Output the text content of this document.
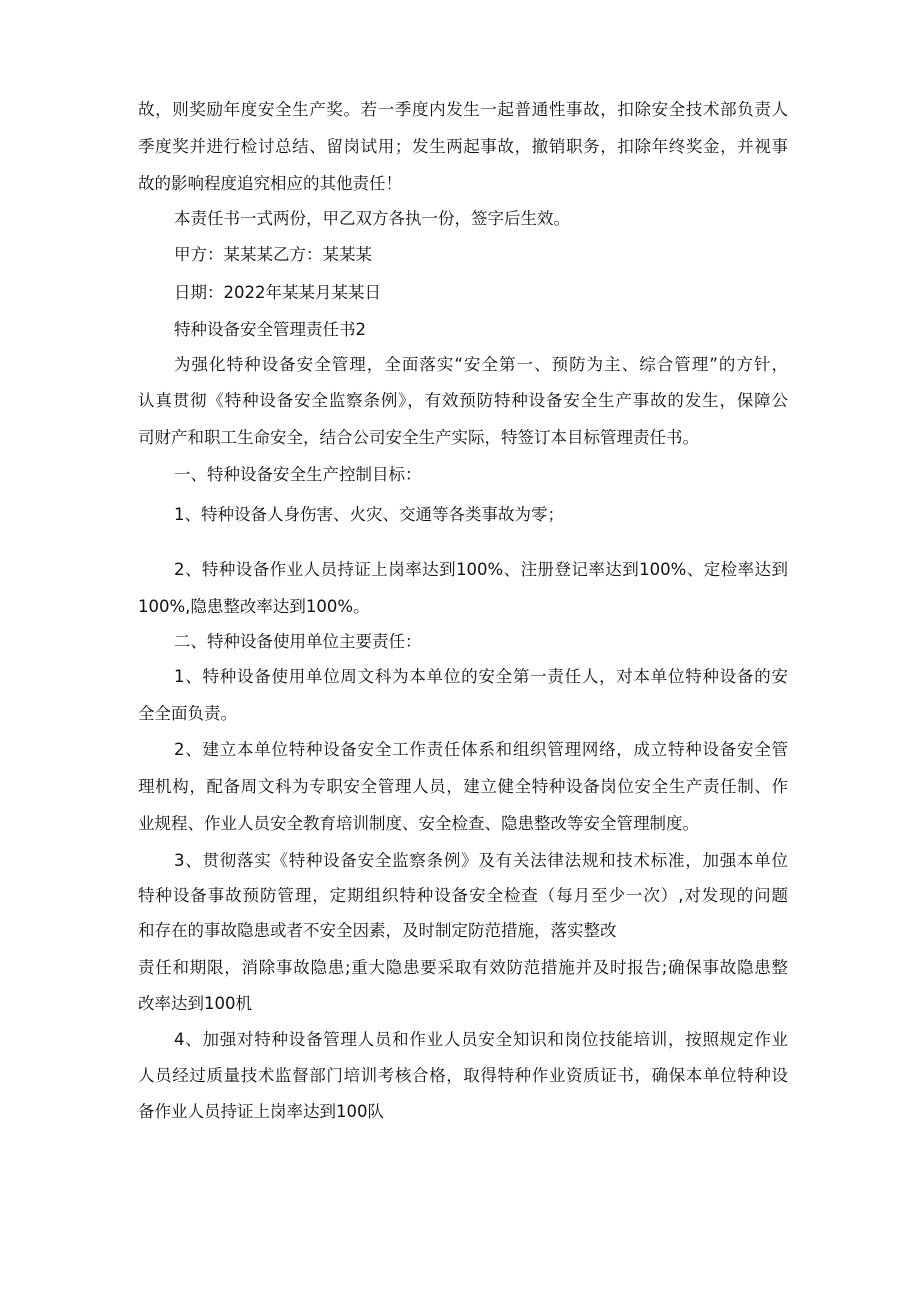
故，则奖励年度安全生产奖。若一季度内发生一起普通性事故，扣除安全技术部负责人
季度奖并进行检讨总结、留岗试用；发生两起事故，撤销职务，扣除年终奖金，并视事
故的影响程度追究相应的其他责任！
本责任书一式两份，甲乙双方各执一份，签字后生效。
甲方：某某某乙方：某某某
日期：2022年某某月某某日
特种设备安全管理责任书2
为强化特种设备安全管理，全面落实“安全第一、预防为主、综合管理”的方针，
认真贯彻《特种设备安全监察条例》，有效预防特种设备安全生产事故的发生，保障公
司财产和职工生命安全，结合公司安全生产实际，特签订本目标管理责任书。
一、特种设备安全生产控制目标：
1、特种设备人身伤害、火灾、交通等各类事故为零；
2、特种设备作业人员持证上岗率达到100%、注册登记率达到100%、定检率达到
100%,隐患整改率达到100%。
二、特种设备使用单位主要责任：
1、特种设备使用单位周文科为本单位的安全第一责任人，对本单位特种设备的安
全全面负责。
2、建立本单位特种设备安全工作责任体系和组织管理网络，成立特种设备安全管
理机构，配备周文科为专职安全管理人员，建立健全特种设备岗位安全生产责任制、作
业规程、作业人员安全教育培训制度、安全检查、隐患整改等安全管理制度。
3、贯彻落实《特种设备安全监察条例》及有关法律法规和技术标准，加强本单位
特种设备事故预防管理，定期组织特种设备安全检查（每月至少一次）,对发现的问题
和存在的事故隐患或者不安全因素，及时制定防范措施，落实整改
责任和期限，消除事故隐患;重大隐患要采取有效防范措施并及时报告;确保事故隐患整
改率达到100机
4、加强对特种设备管理人员和作业人员安全知识和岗位技能培训，按照规定作业
人员经过质量技术监督部门培训考核合格，取得特种作业资质证书，确保本单位特种设
备作业人员持证上岗率达到100队
